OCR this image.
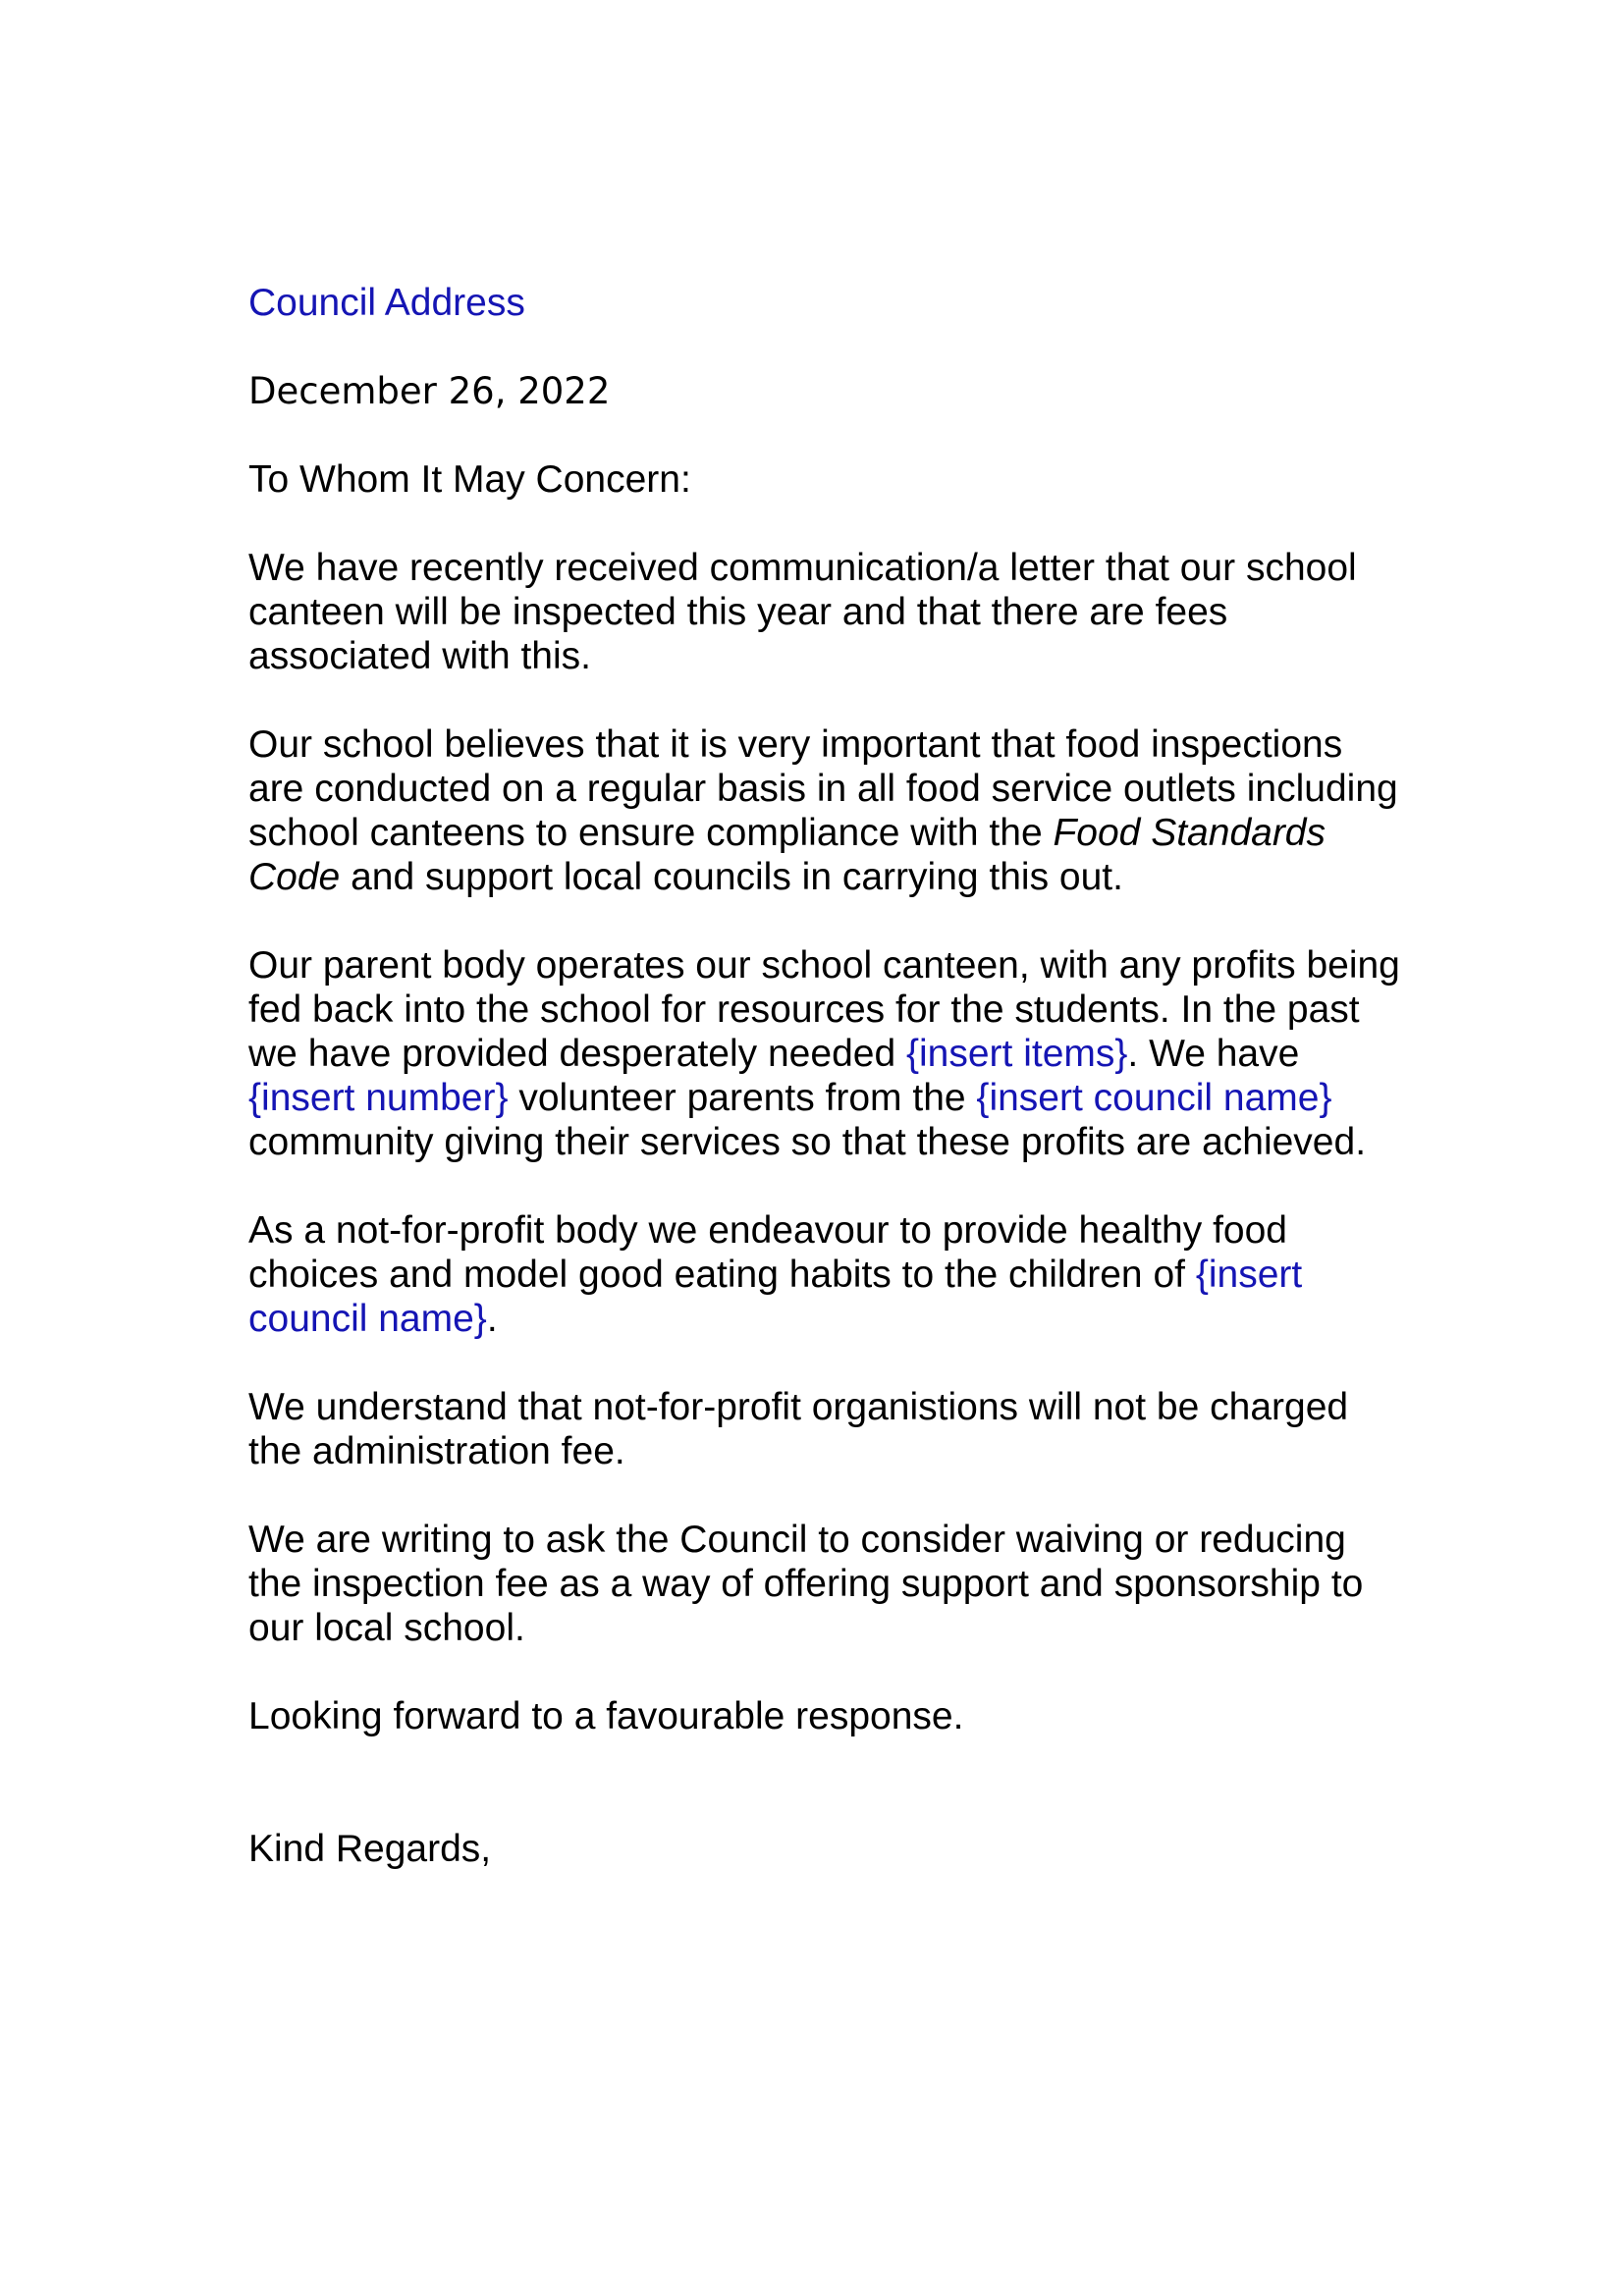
Council Address
December 26, 2022
To Whom It May Concern:

We have recently received communication/a letter that our school canteen will be inspected this year and that there are fees associated with this.

Our school believes that it is very important that food inspections are conducted on a regular basis in all food service outlets including school canteens to ensure compliance with the Food Standards Code and support local councils in carrying this out.

Our parent body operates our school canteen, with any profits being fed back into the school for resources for the students. In the past we have provided desperately needed {insert items}. We have {insert number} volunteer parents from the {insert council name} community giving their services so that these profits are achieved.

As a not-for-profit body we endeavour to provide healthy food choices and model good eating habits to the children of {insert council name}.

We understand that not-for-profit organistions will not be charged the administration fee.

We are writing to ask the Council to consider waiving or reducing the inspection fee as a way of offering support and sponsorship to our local school.

Looking forward to a favourable response.

Kind Regards,
